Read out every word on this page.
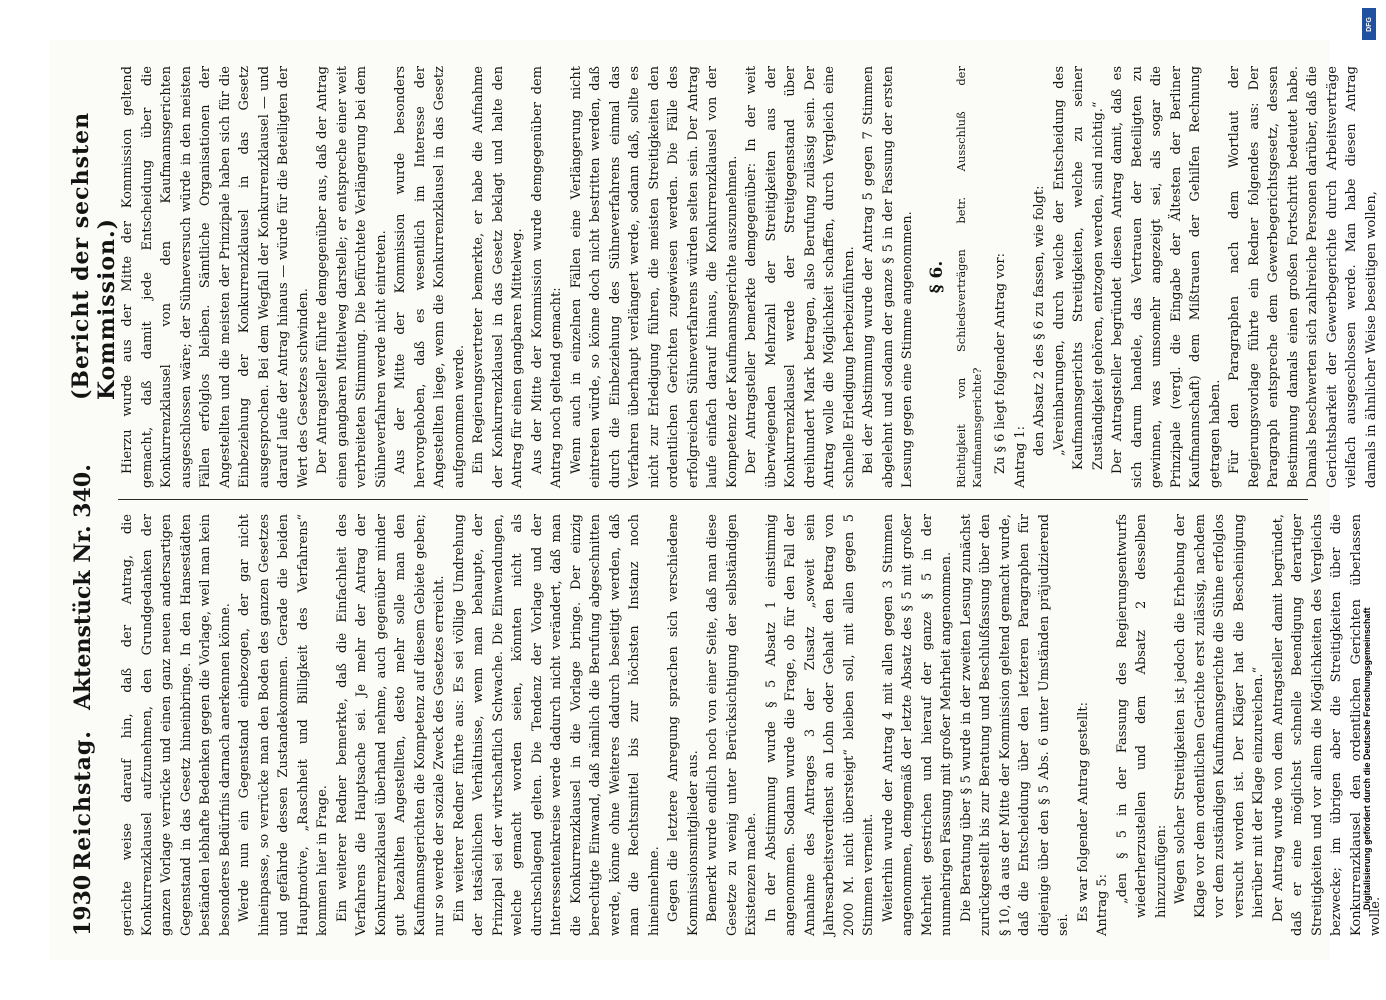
1930
Reichstag.
Aktenstück Nr. 340.
(Bericht der sechsten Kommission.)

gerichte weise darauf hin, daß der Antrag, die Konkurrenzklausel aufzunehmen, den Grundgedanken der ganzen Vorlage verrücke und einen ganz neuen andersartigen Gegenstand in das Gesetz hineinbringe. In den Hansestädten beständen lebhafte Bedenken gegen die Vorlage, weil man kein besonderes Bedürfnis darnach anerkennen könne. Werde nun ein Gegenstand einbezogen, der gar nicht hineinpasse, so verrücke man den Boden des ganzen Gesetzes und gefährde dessen Zustandekommen. Gerade die beiden Hauptmotive, „Raschheit und Billigkeit des Verfahrens“ kommen hier in Frage. Ein weiterer Redner bemerkte, daß die Einfachheit des Verfahrens die Hauptsache sei. Je mehr der Antrag der Konkurrenzklausel überhand nehme, auch gegenüber minder gut bezahlten Angestellten, desto mehr solle man den Kaufmannsgerichten die Kompetenz auf diesem Gebiete geben; nur so werde der soziale Zweck des Gesetzes erreicht. Ein weiterer Redner führte aus: Es sei völlige Umdrehung der tatsächlichen Verhältnisse, wenn man behaupte, der Prinzipal sei der wirtschaftlich Schwache. Die Einwendungen, welche gemacht worden seien, könnten nicht als durchschlagend gelten. Die Tendenz der Vorlage und der Interessentenkreise werde dadurch nicht verändert, daß man die Konkurrenzklausel in die Vorlage bringe. Der einzig berechtigte Einwand, daß nämlich die Berufung abgeschnitten werde, könne ohne Weiteres dadurch beseitigt werden, daß man die Rechtsmittel bis zur höchsten Instanz noch hineinnehme. Gegen die letztere Anregung sprachen sich verschiedene Kommissionsmitglieder aus. Bemerkt wurde endlich noch von einer Seite, daß man diese Gesetze zu wenig unter Berücksichtigung der selbständigen Existenzen mache. In der Abstimmung wurde § 5 Absatz 1 einstimmig angenommen. Sodann wurde die Frage, ob für den Fall der Annahme des Antrages 3 der Zusatz „soweit sein Jahresarbeitsverdienst an Lohn oder Gehalt den Betrag von 2000 M. nicht übersteigt“ bleiben soll, mit allen gegen 5 Stimmen verneint. Weiterhin wurde der Antrag 4 mit allen gegen 3 Stimmen angenommen, demgemäß der letzte Absatz des § 5 mit großer Mehrheit gestrichen und hierauf der ganze § 5 in der nunmehrigen Fassung mit großer Mehrheit angenommen. Die Beratung über § 5 wurde in der zweiten Lesung zunächst zurückgestellt bis zur Beratung und Beschlußfassung über den § 10, da aus der Mitte der Kommission geltend gemacht wurde, daß die Entscheidung über den letzteren Paragraphen für diejenige über den § 5 Abs. 6 unter Umständen präjudizierend sei.

Es war folgender Antrag gestellt: Antrag 5:

„den § 5 in der Fassung des Regierungsentwurfs wiederherzustellen und dem Absatz 2 desselben hinzuzufügen: Wegen solcher Streitigkeiten ist jedoch die Erhebung der Klage vor dem ordentlichen Gerichte erst zulässig, nachdem vor dem zuständigen Kaufmannsgerichte die Sühne erfolglos versucht worden ist. Der Kläger hat die Bescheinigung hierüber mit der Klage einzureichen.“ Der Antrag wurde von dem Antragsteller damit begründet, daß er eine möglichst schnelle Beendigung derartiger Streitigkeiten und vor allem die Möglichkeiten des Vergleichs bezwecke; im übrigen aber die Streitigkeiten über die Konkurrenzklausel den ordentlichen Gerichten überlassen wolle.

Hierzu wurde aus der Mitte der Kommission geltend gemacht, daß damit jede Entscheidung über die Konkurrenzklausel von den Kaufmannsgerichten ausgeschlossen wäre; der Sühneversuch würde in den meisten Fällen erfolglos bleiben. Sämtliche Organisationen der Angestellten und die meisten der Prinzipale haben sich für die Einbeziehung der Konkurrenzklausel in das Gesetz ausgesprochen. Bei dem Wegfall der Konkurrenzklausel — und darauf laufe der Antrag hinaus — würde für die Beteiligten der Wert des Gesetzes schwinden. Der Antragsteller führte demgegenüber aus, daß der Antrag einen gangbaren Mittelweg darstelle; er entspreche einer weit verbreiteten Stimmung. Die befürchtete Verlängerung bei dem Sühneverfahren werde nicht eintreten. Aus der Mitte der Kommission wurde besonders hervorgehoben, daß es wesentlich im Interesse der Angestellten liege, wenn die Konkurrenzklausel in das Gesetz aufgenommen werde. Ein Regierungsvertreter bemerkte, er habe die Aufnahme der Konkurrenzklausel in das Gesetz beklagt und halte den Antrag für einen gangbaren Mittelweg. Aus der Mitte der Kommission wurde demgegenüber dem Antrag noch geltend gemacht: Wenn auch in einzelnen Fällen eine Verlängerung nicht eintreten würde, so könne doch nicht bestritten werden, daß durch die Einbeziehung des Sühneverfahrens einmal das Verfahren überhaupt verlängert werde, sodann daß, sollte es nicht zur Erledigung führen, die meisten Streitigkeiten den ordentlichen Gerichten zugewiesen werden. Die Fälle des erfolgreichen Sühneverfahrens würden selten sein. Der Antrag laufe einfach darauf hinaus, die Konkurrenzklausel von der Kompetenz der Kaufmannsgerichte auszunehmen. Der Antragsteller bemerkte demgegenüber: In der weit überwiegenden Mehrzahl der Streitigkeiten aus der Konkurrenzklausel werde der Streitgegenstand über dreihundert Mark betragen, also Berufung zulässig sein. Der Antrag wolle die Möglichkeit schaffen, durch Vergleich eine schnelle Erledigung herbeizuführen. Bei der Abstimmung wurde der Antrag 5 gegen 7 Stimmen abgelehnt und sodann der ganze § 5 in der Fassung der ersten Lesung gegen eine Stimme angenommen. § 6. Richtigkeit von Schiedsverträgen betr. Ausschluß der Kaufmannsgerichte? Zu § 6 liegt folgender Antrag vor: Antrag 1:

den Absatz 2 des § 6 zu fassen, wie folgt: „Vereinbarungen, durch welche der Entscheidung des Kaufmannsgerichts Streitigkeiten, welche zu seiner Zuständigkeit gehören, entzogen werden, sind nichtig.“ Der Antragsteller begründet diesen Antrag damit, daß es sich darum handele, das Vertrauen der Beteiligten zu gewinnen, was umsomehr angezeigt sei, als sogar die Prinzipale (vergl. die Eingabe der Ältesten der Berliner Kaufmannschaft) dem Mißtrauen der Gehilfen Rechnung getragen haben. Für den Paragraphen nach dem Wortlaut der Regierungsvorlage führte ein Redner folgendes aus: Der Paragraph entspreche dem Gewerbegerichtsgesetz, dessen Bestimmung damals einen großen Fortschritt bedeutet habe. Damals beschwerten sich zahlreiche Personen darüber, daß die Gerichtsbarkeit der Gewerbegerichte durch Arbeitsverträge vielfach ausgeschlossen werde. Man habe diesen Antrag damals in ähnlicher Weise beseitigen wollen,

DFG
Digitalisierung gefördert durch die Deutsche Forschungsgemeinschaft
